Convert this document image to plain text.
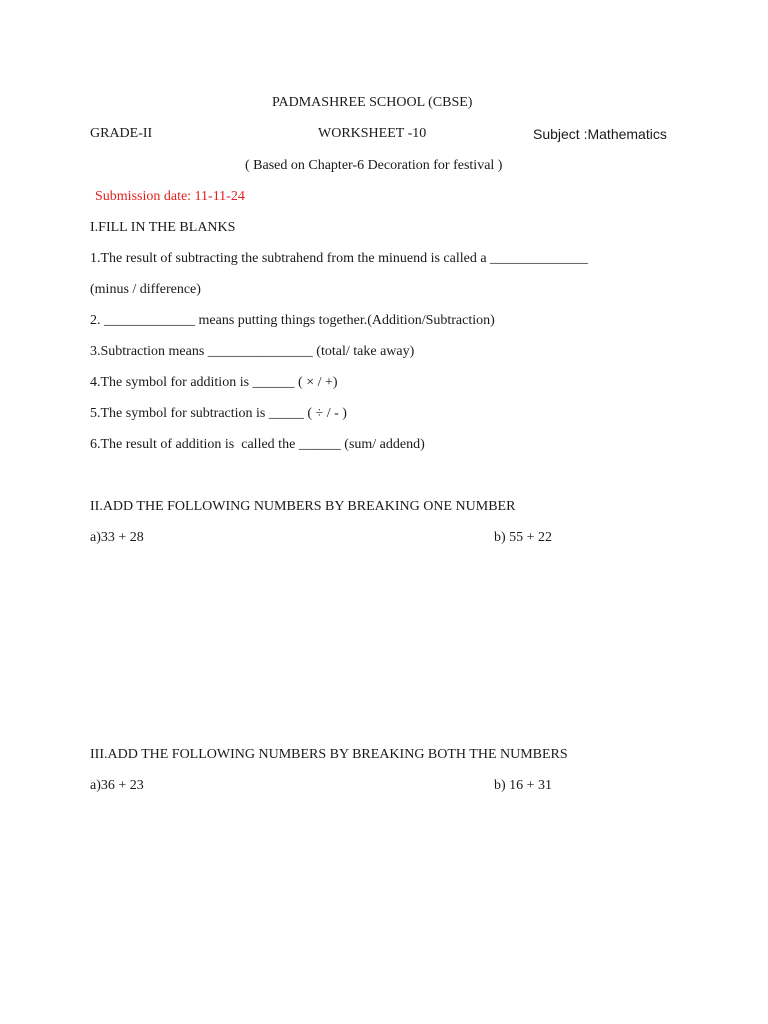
PADMASHREE SCHOOL (CBSE)
GRADE-II	WORKSHEET -10	Subject :Mathematics
( Based on Chapter-6 Decoration for festival )
Submission date: 11-11-24
I.FILL IN THE BLANKS
1.The result of subtracting the subtrahend from the minuend is called a ______________
(minus / difference)
2. _____________ means putting things together.(Addition/Subtraction)
3.Subtraction means _______________ (total/ take away)
4.The symbol for addition is ______ ( × / +)
5.The symbol for subtraction is _____ ( ÷ / - )
6.The result of addition is  called the ______ (sum/ addend)
II.ADD THE FOLLOWING NUMBERS BY BREAKING ONE NUMBER
a)33 + 28	b) 55 + 22
III.ADD THE FOLLOWING NUMBERS BY BREAKING BOTH THE NUMBERS
a)36 + 23	b) 16 + 31
